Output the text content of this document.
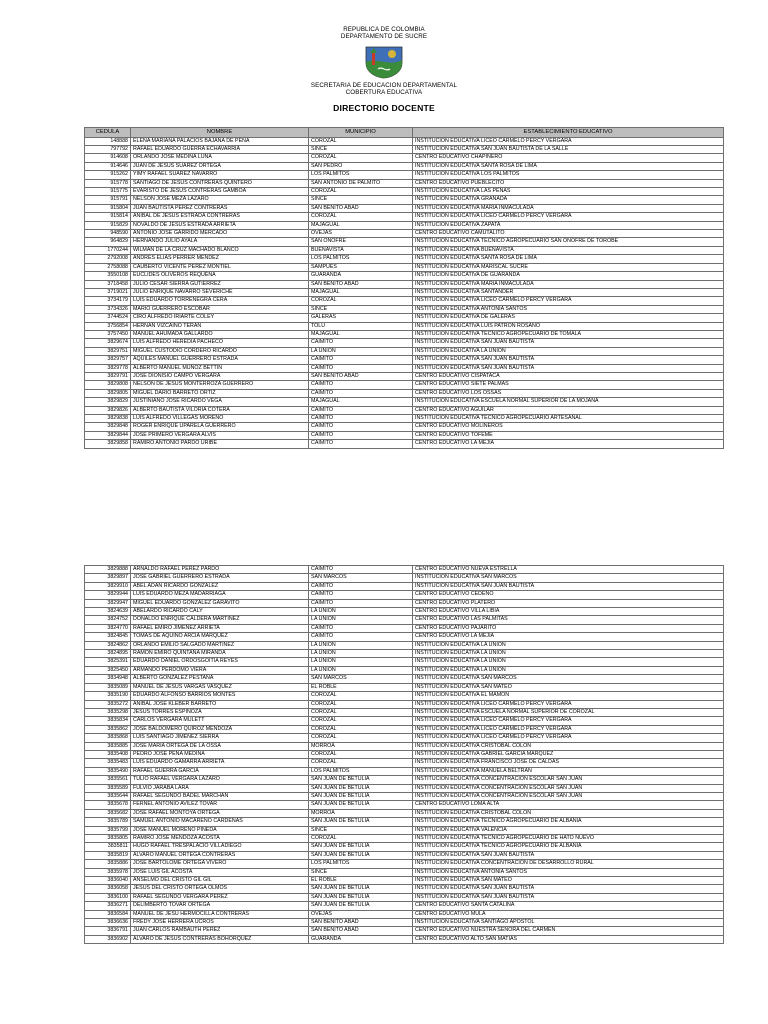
REPUBLICA DE COLOMBIA
DEPARTAMENTO DE SUCRE
SECRETARIA DE EDUCACION DEPARTAMENTAL
COBERTURA EDUCATIVA
DIRECTORIO DOCENTE
CEDULA	NOMBRE	MUNICIPIO	ESTABLECIMIENTO EDUCATIVO
148888	ELENA MARIANA PALACIOS BAJAÑA DE PEÑA	COROZAL	INSTITUCION EDUCATIVA LICEO CARMELO PERCY VERGARA
797792	RAFAEL EDUARDO GUERRA ECHAVARRIA	SINCE	INSTITUCION EDUCATIVA SAN JUAN BAUTISTA DE LA SALLE
914608	ORLANDO JOSE MEDINA LUNA	COROZAL	CENTRO EDUCATIVO CHAPINERO
914646	JUAN DE JESUS SUAREZ ORTEGA	SAN PEDRO	INSTITUCION EDUCATIVA SANTA ROSA DE LIMA
915262	YIMY RAFAEL SUAREZ NAVARRO	LOS PALMITOS	INSTITUCION EDUCATIVA LOS PALMITOS
915778	SANTIAGO DE JESUS CONTRERAS QUINTERO	SAN ANTONIO DE PALMITO	CENTRO EDUCATIVO PUEBLECITO
915775	EVARISTO DE JESUS CONTRERAS GAMBOA	COROZAL	INSTITUCION EDUCATIVA LAS PEÑAS
915791	NELSON JOSE MEZA LAZARO	SINCE	INSTITUCION EDUCATIVA GRANADA
915804	JUAN BAUTISTA PEREZ CONTRERAS	SAN BENITO ABAD	INSTITUCION EDUCATIVA MARIA INMACULADA
915814	ANIBAL DE JESUS ESTRADA CONTRERAS	COROZAL	INSTITUCION EDUCATIVA LICEO CARMELO PERCY VERGARA
915829	NOVALDO DE JESUS ESTRADA ARRIETA	MAJAGUAL	INSTITUCION EDUCATIVA ZAPATA
948590	ANTONIO JOSE GARRIDO MERCADO	OVEJAS	CENTRO EDUCATIVO CAMUTALITO
964829	HERNANDO JULIO AYALA	SAN ONOFRE	INSTITUCION EDUCATIVA TECNICO AGROPECUARIO SAN ONOFRE DE TOROBE
1770244	WILMAN DE LA CRUZ MACHADO BLANCO	BUENAVISTA	INSTITUCION EDUCATIVA BUENAVISTA
2792008	ANDRES ELIAS PERRER MENDEZ	LOS PALMITOS	INSTITUCION EDUCATIVA SANTA ROSA DE LIMA
2758088	CAUBERTO VICENTE PEREZ MONTIEL	SAMPUES	INSTITUCION EDUCATIVA MARISCAL SUCRE
3550108	EUCLIDES OLIVEROS REQUENA	GUARANDA	INSTITUCION EDUCATIVA DE GUARANDA
3718458	JULIO CESAR SIERRA GUTIERREZ	SAN BENITO ABAD	INSTITUCION EDUCATIVA MARIA INMACULADA
3719021	JULIO ENRIQUE NAVARRO SEVERICHE	MAJAGUAL	INSTITUCION EDUCATIVA SANTANDER
3734179	LUIS EDUARDO TORRENEGRA CERA	COROZAL	INSTITUCION EDUCATIVA LICEO CARMELO PERCY VERGARA
3734326	MARIO GUERRERO ESCOBAR	SINCE	INSTITUCION EDUCATIVA ANTONIA SANTOS
3744524	CIRO ALFREDO IRIARTE COLEY	GALERAS	INSTITUCION EDUCATIVA DE GALERAS
3756854	HERNAN VIZCAINO TERAN	TOLU	INSTITUCION EDUCATIVA LUIS PATRON ROSANO
3757450	MANUEL AHUMADA GALLARDO	MAJAGUAL	INSTITUCION EDUCATIVA TECNICO AGROPECUARIO DE TOMALA
3829674	LUIS ALFREDO HEREDIA PACHECO	CAIMITO	INSTITUCION EDUCATIVA SAN JUAN BAUTISTA
3829751	MIGUEL CUSTODIO CORDERO RICARDO	LA UNION	INSTITUCION EDUCATIVA LA UNION
3829757	AQUILES MANUEL GUERRERO ESTRADA	CAIMITO	INSTITUCION EDUCATIVA SAN JUAN BAUTISTA
3829778	ALBERTO MANUEL MUÑOZ BETTIN	CAIMITO	INSTITUCION EDUCATIVA SAN JUAN BAUTISTA
3829791	JOSE DIONISIO CAMPO VERGARA	SAN BENITO ABAD	CENTRO EDUCATIVO CISPATACA
3829808	NELSON DE JESUS MONTERROZA GUERRERO	CAIMITO	CENTRO EDUCATIVO SIETE PALMAS
3829805	MIGUEL DARIO BARRETO ORTIZ	CAIMITO	CENTRO EDUCATIVO LOS OSSAS
3829829	JUSTINIANO JOSE RICARDO VEGA	MAJAGUAL	INSTITUCION EDUCATIVA ESCUELA NORMAL SUPERIOR DE LA MOJANA
3829826	ALBERTO BAUTISTA VILORIA COTERA	CAIMITO	CENTRO EDUCATIVO AGUILAR
3829838	LUIS ALFREDO VILLEGAS MORENO	CAIMITO	INSTITUCION EDUCATIVA TECNICO AGROPECUARIO ARTESANAL
3829848	ROGER ENRIQUE UPARELA GUERRERO	CAIMITO	CENTRO EDUCATIVO MOLINEROS
3829844	JOSE PRIMERO VERGARA ALVIS	CAIMITO	CENTRO EDUCATIVO TOFEME
3829858	RAMIRO ANTONIO PARDO URIBE	CAIMITO	CENTRO EDUCATIVO LA MEJIA
3829888	ARNALDO RAFAEL PEREZ PARDO	CAIMITO	CENTRO EDUCATIVO NUEVA ESTRELLA
3829897	JOSE GABRIEL GUERRERO ESTRADA	SAN MARCOS	INSTITUCION EDUCATIVA SAN MARCOS
3829910	ABEL ADAN RICARDO GONZALEZ	CAIMITO	INSTITUCION EDUCATIVA SAN JUAN BAUTISTA
3829944	LUIS EDUARDO MEZA MADARRIAGA	CAIMITO	CENTRO EDUCATIVO CEDENO
3829947	MIGUEL EDUARDO GONZALEZ GARAVITO	CAIMITO	CENTRO EDUCATIVO PLATERO
3824639	ABELARDO RICARDO CALY	LA UNION	CENTRO EDUCATIVO VILLA LIBIA
3824752	DONALDO ENRIQUE CALDERA MARTINEZ	LA UNION	CENTRO EDUCATIVO LAS PALMITAS
3824770	RAFAEL EMIRO JIMENEZ ARRIETA	CAIMITO	CENTRO EDUCATIVO PAJARITO
3824845	TOMAS DE AQUINO ARCIA MARQUEZ	CAIMITO	CENTRO EDUCATIVO LA MEJIA
3824862	ORLANDO EMILIO SALGADO MARTINEZ	LA UNION	INSTITUCION EDUCATIVA LA UNION
3824895	RAMON EMIRO QUINTANA MIRANDA	LA UNION	INSTITUCION EDUCATIVA LA UNION
3825391	EDUARDO DANIEL ORDOSGOITIA REYES	LA UNION	INSTITUCION EDUCATIVA LA UNION
3825450	ARMANDO PERDOMO VIERA	LA UNION	INSTITUCION EDUCATIVA LA UNION
3834948	ALBERTO GONZALEZ PESTANA	SAN MARCOS	INSTITUCION EDUCATIVA SAN MARCOS
3835089	MANUEL DE JESUS VARGAS VASQUEZ	EL ROBLE	INSTITUCION EDUCATIVA SAN MATEO
3835190	EDUARDO ALFONSO BARRIOS MONTES	COROZAL	INSTITUCION EDUCATIVA EL MAMON
3835272	ANIBAL JOSE KLEBER BARRETO	COROZAL	INSTITUCION EDUCATIVA LICEO CARMELO PERCY VERGARA
3835298	JESUS TORRES ESPINOZA	COROZAL	INSTITUCION EDUCATIVA ESCUELA NORMAL SUPERIOR DE COROZAL
3835834	CARLOS VERGARA MULETT	COROZAL	INSTITUCION EDUCATIVA LICEO CARMELO PERCY VERGARA
3835862	JOSE BALDOMERO QUIROZ MENDOZA	COROZAL	INSTITUCION EDUCATIVA LICEO CARMELO PERCY VERGARA
3835868	LUIS SANTIAGO JIMENEZ SIERRA	COROZAL	INSTITUCION EDUCATIVA LICEO CARMELO PERCY VERGARA
3835885	JOSE MARIA ORTEGA DE LA OSSA	MORROA	INSTITUCION EDUCATIVA CRISTOBAL COLON
3835408	PEDRO JOSE PEÑA MEDINA	COROZAL	INSTITUCION EDUCATIVA GABRIEL GARCIA MARQUEZ
3835483	LUIS EDUARDO GAMARRA ARRIETA	COROZAL	INSTITUCION EDUCATIVA FRANCISCO JOSE DE CALDAS
3835490	RAFAEL GUERRA GARCIA	LOS PALMITOS	INSTITUCION EDUCATIVA MANUELA BELTRAN
3835561	TULIO RAFAEL VERGARA LAZARO	SAN JUAN DE BETULIA	INSTITUCION EDUCATIVA CONCENTRACION ESCOLAR SAN JUAN
3835589	FULVIO JARABA LARA	SAN JUAN DE BETULIA	INSTITUCION EDUCATIVA CONCENTRACION ESCOLAR SAN JUAN
3835644	RAFAEL SEGUNDO BADEL MARCHAN	SAN JUAN DE BETULIA	INSTITUCION EDUCATIVA CONCENTRACION ESCOLAR SAN JUAN
3835678	FERNEL ANTONIO AVILEZ TOVAR	SAN JUAN DE BETULIA	CENTRO EDUCATIVO LOMA ALTA
3835682	JOSE RAFAEL MONTOYA ORTEGA	MORROA	INSTITUCION EDUCATIVA CRISTOBAL COLON
3835789	SAMUEL ANTONIO MACARENO CARDENAS	SAN JUAN DE BETULIA	INSTITUCION EDUCATIVA TECNICO AGROPECUARIO DE ALBANIA
3835799	JOSE MANUEL MORENO PINEDA	SINCE	INSTITUCION EDUCATIVA VALENCIA
3835805	RAMIRO JOSE MENDOZA ACOSTA	COROZAL	INSTITUCION EDUCATIVA TECNICO AGROPECUARIO DE HATO NUEVO
3835811	HUGO RAFAEL TRESPALACIO VILLADIEGO	SAN JUAN DE BETULIA	INSTITUCION EDUCATIVA TECNICO AGROPECUARIO DE ALBANIA
3835819	ALVARO MANUEL ORTEGA CONTRERAS	SAN JUAN DE BETULIA	INSTITUCION EDUCATIVA SAN JUAN BAUTISTA
3835886	JOSE BARTOLOME ORTEGA VIVERO	LOS PALMITOS	INSTITUCION EDUCATIVA CONCENTRACION DE DESARROLLO RURAL
3835978	JOSE LUIS GIL ACOSTA	SINCE	INSTITUCION EDUCATIVA ANTONIA SANTOS
3836040	ANSELMO DEL CRISTO GIL GIL	EL ROBLE	INSTITUCION EDUCATIVA SAN MATEO
3836058	JESUS DEL CRISTO ORTEGA OLMOS	SAN JUAN DE BETULIA	INSTITUCION EDUCATIVA SAN JUAN BAUTISTA
3836100	RAFAEL SEGUNDO VERGARA PEREZ	SAN JUAN DE BETULIA	INSTITUCION EDUCATIVA SAN JUAN BAUTISTA
3836271	DELIMBERTO TOVAR ORTEGA	SAN JUAN DE BETULIA	CENTRO EDUCATIVO SANTA CATALINA
3836584	MANUEL DE JESU HERMOCILLA CONTRERAS	OVEJAS	CENTRO EDUCATIVO MULA
3836636	FREDY JOSE HERRERA UCROS	SAN BENITO ABAD	INSTITUCION EDUCATIVA SANTIAGO APOSTOL
3836791	JUAN CARLOS RAMBAUTH PEREZ	SAN BENITO ABAD	CENTRO EDUCATIVO NUESTRA SEÑORA DEL CARMEN
3836902	ALVARO DE JESUS CONTRERAS BOHORQUEZ	GUARANDA	CENTRO EDUCATIVO ALTO SAN MATIAS
